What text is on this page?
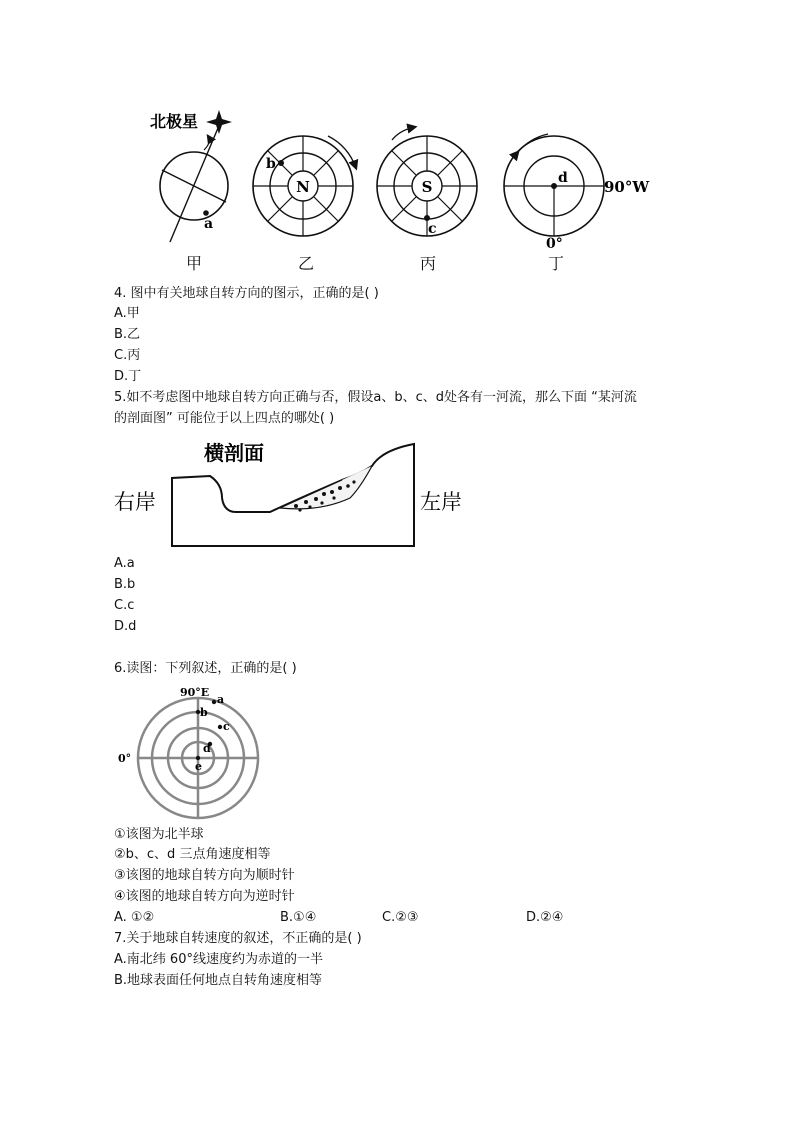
北极星
a
N
b
S
c
d 90°W
0°
甲	乙	丙	丁
4. 图中有关地球自转方向的图示，正确的是( )
A.甲
B.乙
C.丙
D.丁
5.如不考虑图中地球自转方向正确与否，假设a、b、c、d处各有一河流，那么下面 “某河流
的剖面图” 可能位于以上四点的哪处( )
横剖面
右岸	左岸
A.a
B.b
C.c
D.d
6.读图：下列叙述，正确的是( )
90°E
0°
a
b
c
d
e
①该图为北半球
②b、c、d 三点角速度相等
③该图的地球自转方向为顺时针
④该图的地球自转方向为逆时针
A. ①②	B.①④	C.②③	D.②④
7.关于地球自转速度的叙述，不正确的是( )
A.南北纬 60°线速度约为赤道的一半
B.地球表面任何地点自转角速度相等
